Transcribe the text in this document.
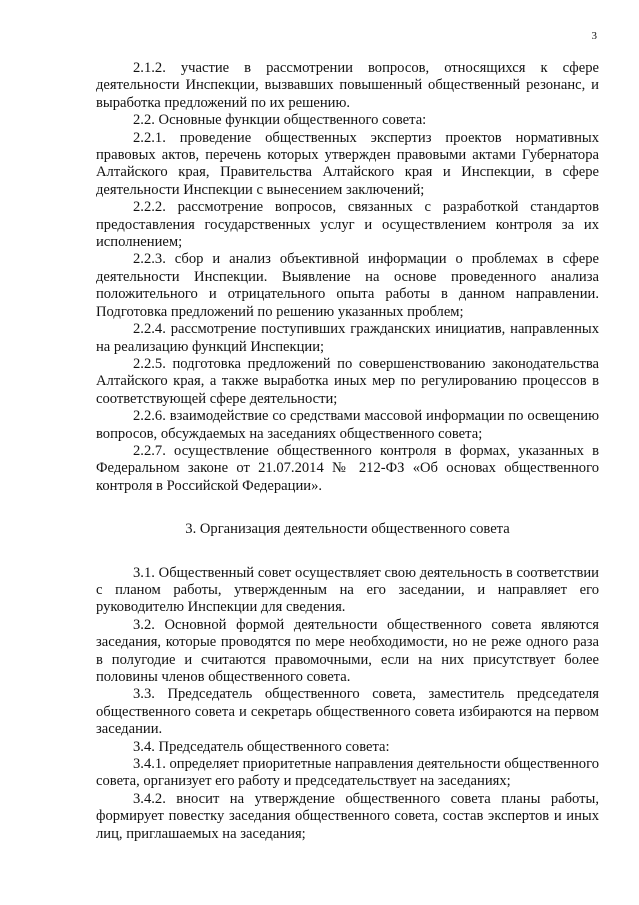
3

2.1.2. участие в рассмотрении вопросов, относящихся к сфере деятельности Инспекции, вызвавших повышенный общественный резонанс, и выработка предложений по их решению.

2.2. Основные функции общественного совета:

2.2.1. проведение общественных экспертиз проектов нормативных правовых актов, перечень которых утвержден правовыми актами Губернатора Алтайского края, Правительства Алтайского края и Инспекции, в сфере деятельности Инспекции с вынесением заключений;

2.2.2. рассмотрение вопросов, связанных с разработкой стандартов предоставления государственных услуг и осуществлением контроля за их исполнением;

2.2.3. сбор и анализ объективной информации о проблемах в сфере деятельности Инспекции. Выявление на основе проведенного анализа положительного и отрицательного опыта работы в данном направлении. Подготовка предложений по решению указанных проблем;

2.2.4. рассмотрение поступивших гражданских инициатив, направленных на реализацию функций Инспекции;

2.2.5. подготовка предложений по совершенствованию законодательства Алтайского края, а также выработка иных мер по регулированию процессов в соответствующей сфере деятельности;

2.2.6. взаимодействие со средствами массовой информации по освещению вопросов, обсуждаемых на заседаниях общественного совета;

2.2.7. осуществление общественного контроля в формах, указанных в Федеральном законе от 21.07.2014 № 212-ФЗ «Об основах общественного контроля в Российской Федерации».

3. Организация деятельности общественного совета

3.1. Общественный совет осуществляет свою деятельность в соответствии с планом работы, утвержденным на его заседании, и направляет его руководителю Инспекции для сведения.

3.2. Основной формой деятельности общественного совета являются заседания, которые проводятся по мере необходимости, но не реже одного раза в полугодие и считаются правомочными, если на них присутствует более половины членов общественного совета.

3.3. Председатель общественного совета, заместитель председателя общественного совета и секретарь общественного совета избираются на первом заседании.

3.4. Председатель общественного совета:

3.4.1. определяет приоритетные направления деятельности общественного совета, организует его работу и председательствует на заседаниях;

3.4.2. вносит на утверждение общественного совета планы работы, формирует повестку заседания общественного совета, состав экспертов и иных лиц, приглашаемых на заседания;
